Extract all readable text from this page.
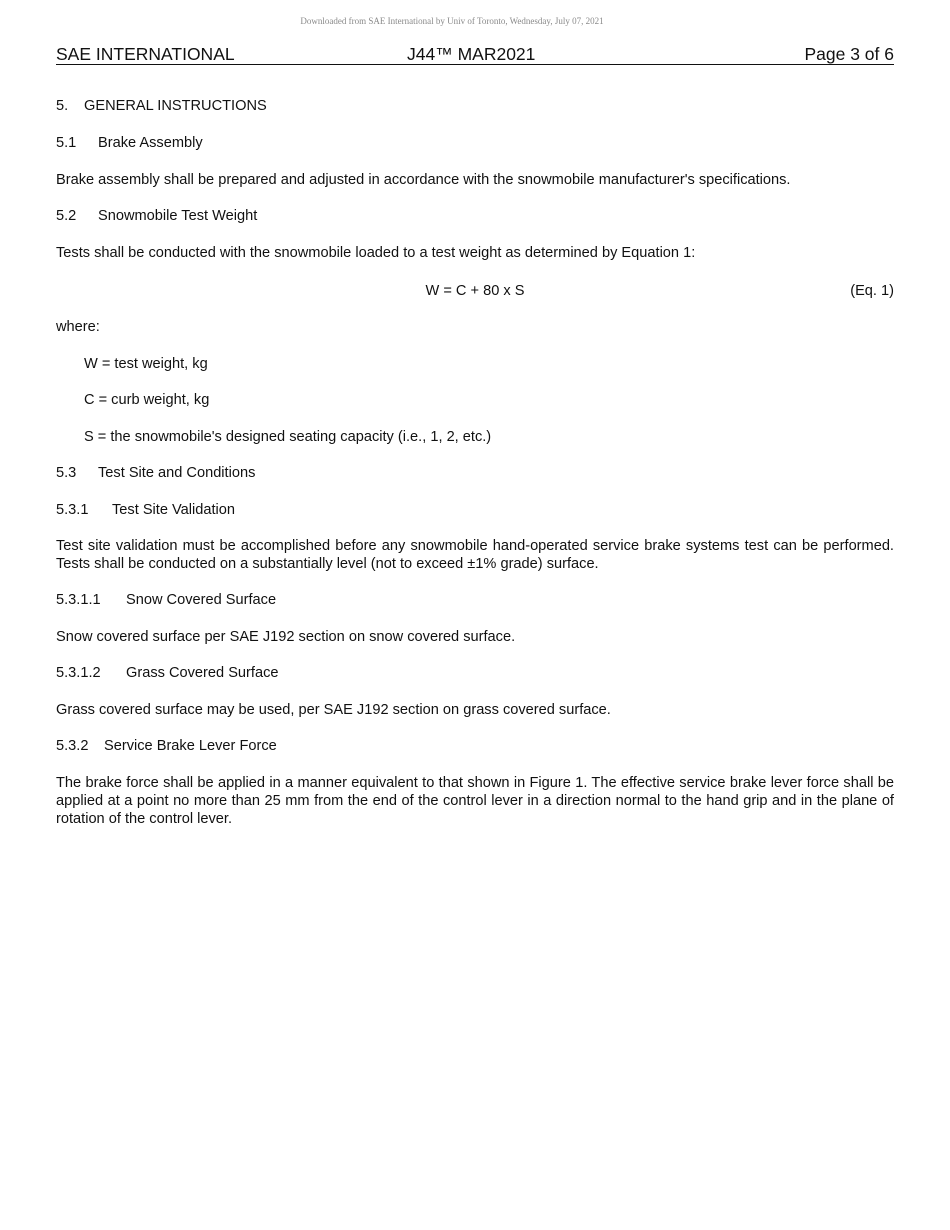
Downloaded from SAE International by Univ of Toronto, Wednesday, July 07, 2021
SAE INTERNATIONAL	J44™ MAR2021	Page 3 of 6
5. GENERAL INSTRUCTIONS
5.1 Brake Assembly

Brake assembly shall be prepared and adjusted in accordance with the snowmobile manufacturer's specifications.

5.2 Snowmobile Test Weight

Tests shall be conducted with the snowmobile loaded to a test weight as determined by Equation 1:

W = C + 80 x S	(Eq. 1)

where:

W = test weight, kg

C = curb weight, kg

S = the snowmobile's designed seating capacity (i.e., 1, 2, etc.)

5.3 Test Site and Conditions
5.3.1 Test Site Validation

Test site validation must be accomplished before any snowmobile hand-operated service brake systems test can be performed. Tests shall be conducted on a substantially level (not to exceed ±1% grade) surface.

5.3.1.1 Snow Covered Surface

Snow covered surface per SAE J192 section on snow covered surface.

5.3.1.2 Grass Covered Surface

Grass covered surface may be used, per SAE J192 section on grass covered surface.

5.3.2 Service Brake Lever Force

The brake force shall be applied in a manner equivalent to that shown in Figure 1. The effective service brake lever force shall be applied at a point no more than 25 mm from the end of the control lever in a direction normal to the hand grip and in the plane of rotation of the control lever.
